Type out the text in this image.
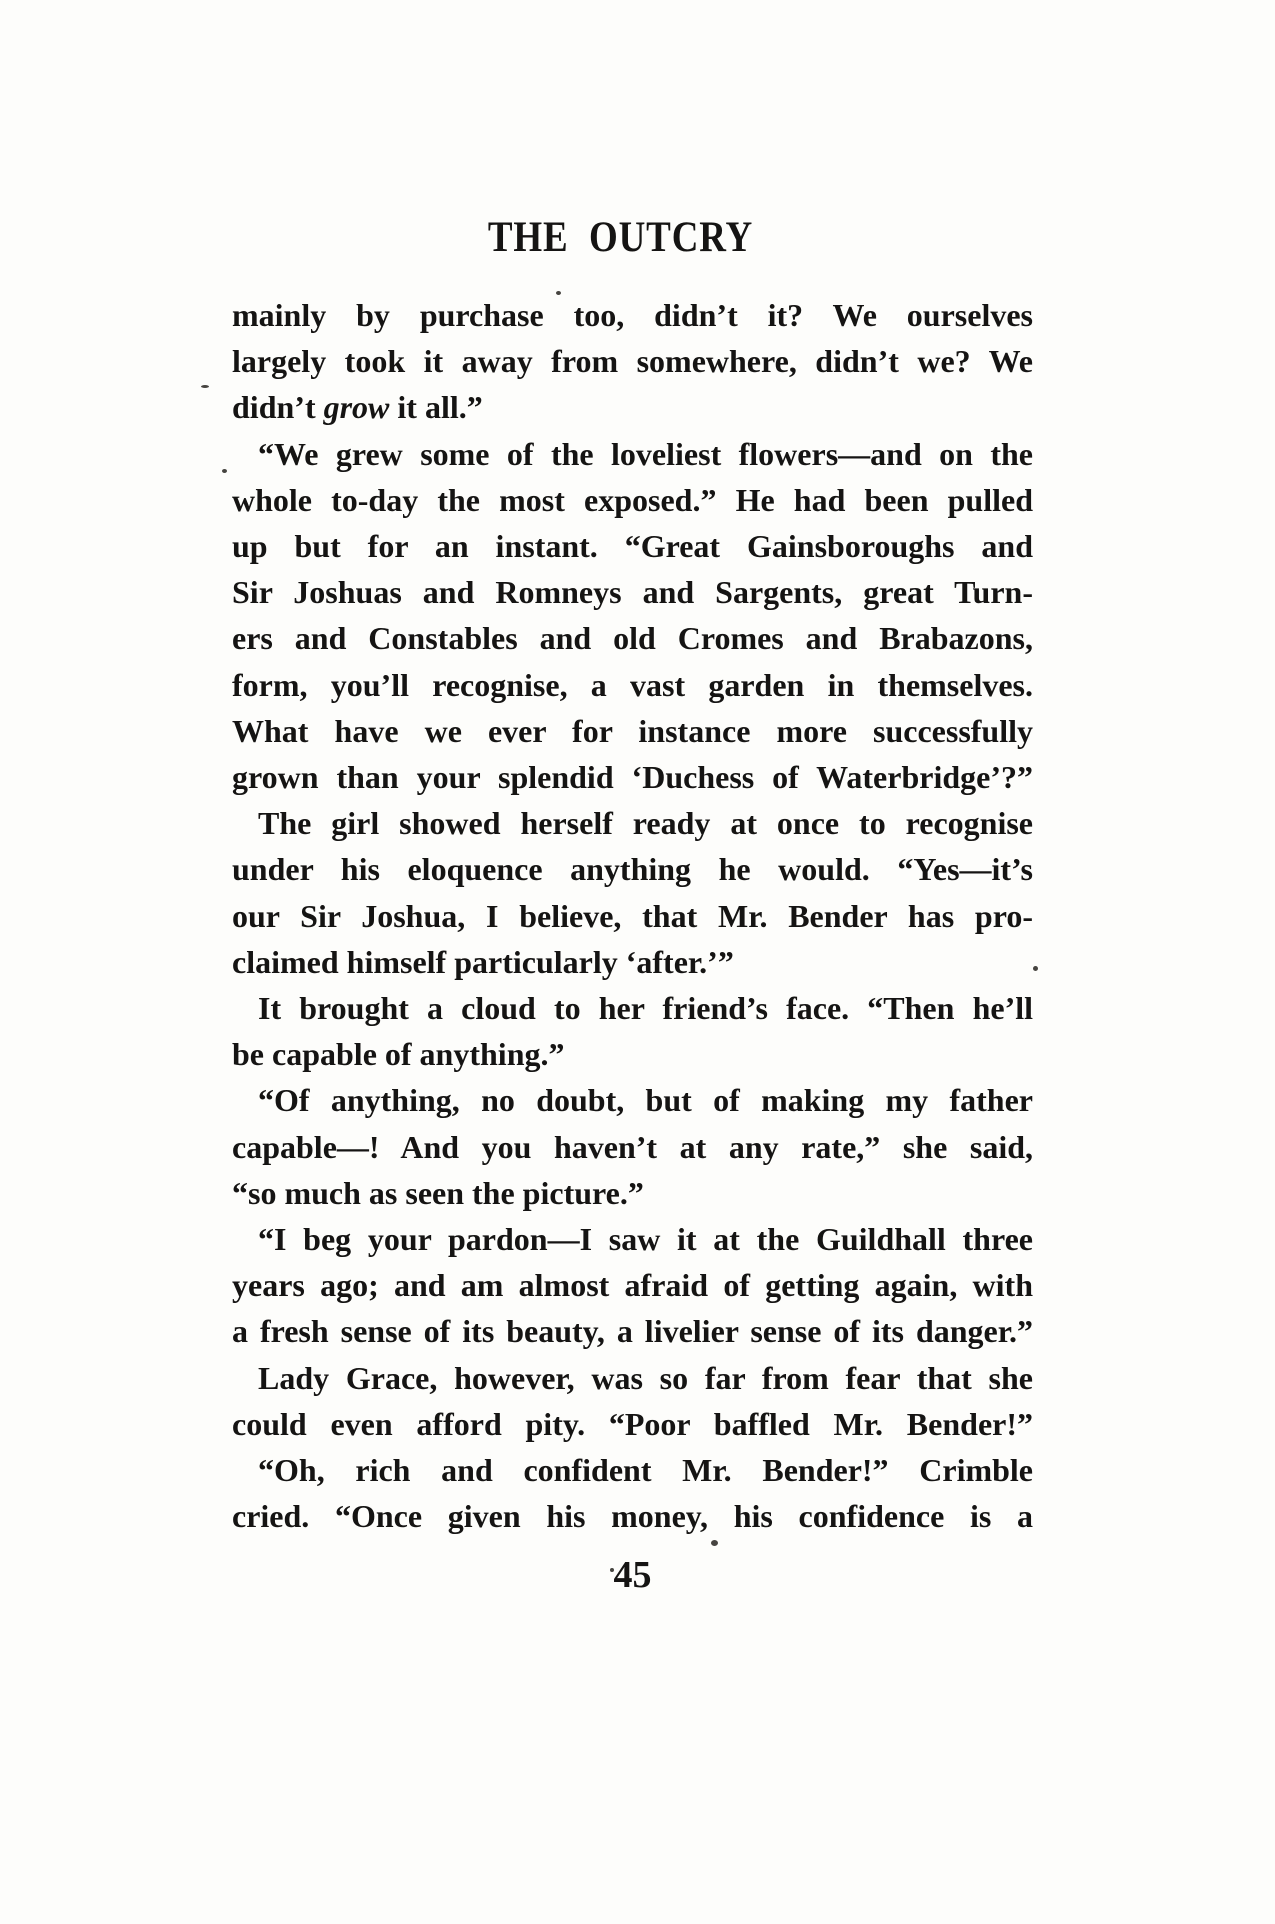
THE OUTCRY
mainly by purchase too, didn’t it? We ourselves
largely took it away from somewhere, didn’t we? We
didn’t grow it all.”
“We grew some of the loveliest flowers—and on the
whole to-day the most exposed.” He had been pulled
up but for an instant. “Great Gainsboroughs and
Sir Joshuas and Romneys and Sargents, great Turn-
ers and Constables and old Cromes and Brabazons,
form, you’ll recognise, a vast garden in themselves.
What have we ever for instance more successfully
grown than your splendid ‘Duchess of Waterbridge’?”
The girl showed herself ready at once to recognise
under his eloquence anything he would. “Yes—it’s
our Sir Joshua, I believe, that Mr. Bender has pro-
claimed himself particularly ‘after.’”
It brought a cloud to her friend’s face. “Then he’ll
be capable of anything.”
“Of anything, no doubt, but of making my father
capable—! And you haven’t at any rate,” she said,
“so much as seen the picture.”
“I beg your pardon—I saw it at the Guildhall three
years ago; and am almost afraid of getting again, with
a fresh sense of its beauty, a livelier sense of its danger.”
Lady Grace, however, was so far from fear that she
could even afford pity. “Poor baffled Mr. Bender!”
“Oh, rich and confident Mr. Bender!” Crimble
cried. “Once given his money, his confidence is a
45
